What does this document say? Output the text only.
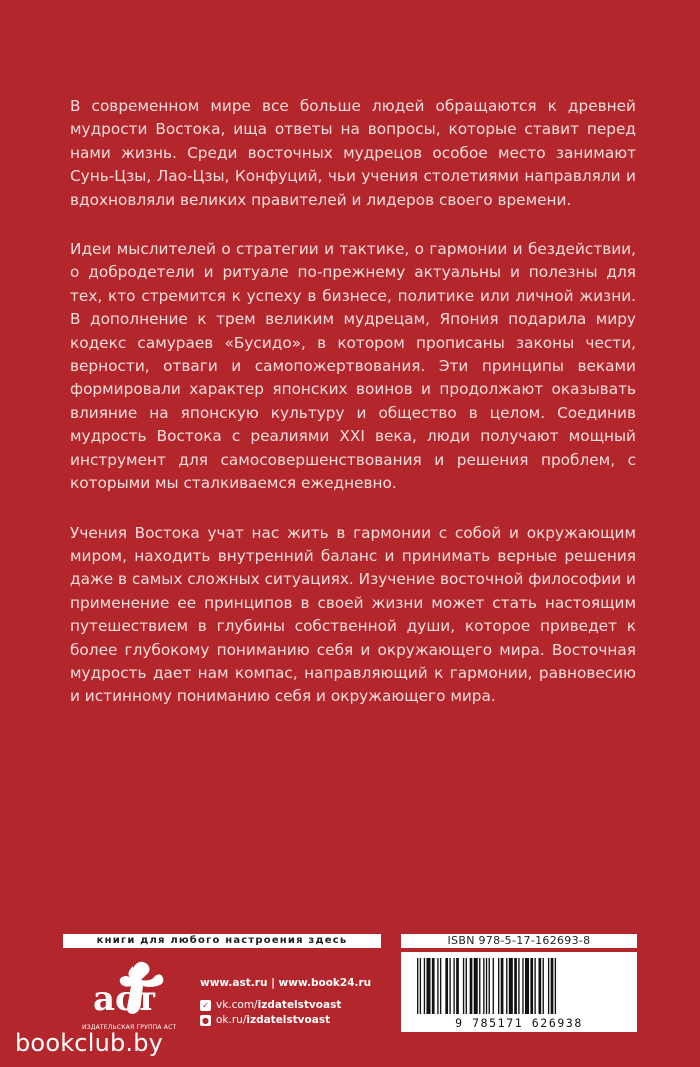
В современном мире все больше людей обращаются к древней мудрости Востока, ища ответы на вопросы, которые ставит перед нами жизнь. Среди восточных мудрецов особое место занимают Сунь-Цзы, Лао-Цзы, Конфуций, чьи учения столетиями направляли и вдохновляли великих правителей и лидеров своего времени.

Идеи мыслителей о стратегии и тактике, о гармонии и бездействии, о добродетели и ритуале по-прежнему актуальны и полезны для тех, кто стремится к успеху в бизнесе, политике или личной жизни. В дополнение к трем великим мудрецам, Япония подарила миру кодекс самураев «Бусидо», в котором прописаны законы чести, верности, отваги и самопожертвования. Эти принципы веками формировали характер японских воинов и продолжают оказывать влияние на японскую культуру и общество в целом. Соединив мудрость Востока с реалиями XXI века, люди получают мощный инструмент для самосовершенствования и решения проблем, с которыми мы сталкиваемся ежедневно.

Учения Востока учат нас жить в гармонии с собой и окружающим миром, находить внутренний баланс и принимать верные решения даже в самых сложных ситуациях. Изучение восточной философии и применение ее принципов в своей жизни может стать настоящим путешествием в глубины собственной души, которое приведет к более глубокому пониманию себя и окружающего мира. Восточная мудрость дает нам компас, направляющий к гармонии, равновесию и истинному пониманию себя и окружающего мира.

книги для любого настроения здесь
аст
ИЗДАТЕЛЬСКАЯ ГРУППА АСТ
www.ast.ru | www.book24.ru
✓ vk.com/ izdatelstvoast
● ok.ru/ izdatelstvoast
ISBN 978-5-17-162693-8
9 785171 626938
bookclub.by
